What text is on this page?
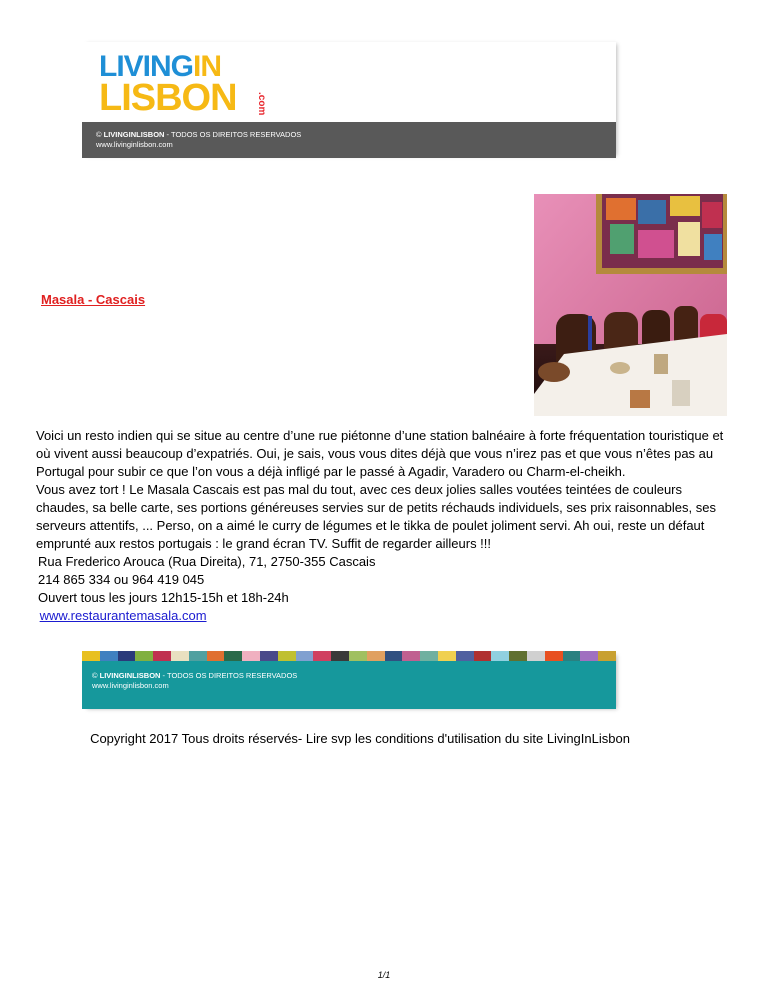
LIVINGIN
LISBON .com
© LIVINGINLISBON - TODOS OS DIREITOS RESERVADOS
www.livinginlisbon.com
Masala - Cascais

Voici un resto indien qui se situe au centre d’une rue piétonne d’une station balnéaire à forte fréquentation touristique et où vivent aussi beaucoup d’expatriés. Oui, je sais, vous vous dites déjà que vous n’irez pas et que vous n’êtes pas au Portugal pour subir ce que l’on vous a déjà infligé par le passé à Agadir, Varadero ou Charm-el-cheikh.

Vous avez tort ! Le Masala Cascais est pas mal du tout, avec ces deux jolies salles voutées teintées de couleurs chaudes, sa belle carte, ses portions généreuses servies sur de petits réchauds individuels, ses prix raisonnables, ses serveurs attentifs, ... Perso, on a aimé le curry de légumes et le tikka de poulet joliment servi. Ah oui, reste un défaut emprunté aux restos portugais : le grand écran TV. Suffit de regarder ailleurs !!!

Rua Frederico Arouca (Rua Direita), 71, 2750-355 Cascais

214 865 334 ou 964 419 045

Ouvert tous les jours 12h15-15h et 18h-24h

www.restaurantemasala.com

© LIVINGINLISBON - TODOS OS DIREITOS RESERVADOS
www.livinginlisbon.com
Copyright 2017 Tous droits réservés- Lire svp les conditions d'utilisation du site LivingInLisbon
1/1
